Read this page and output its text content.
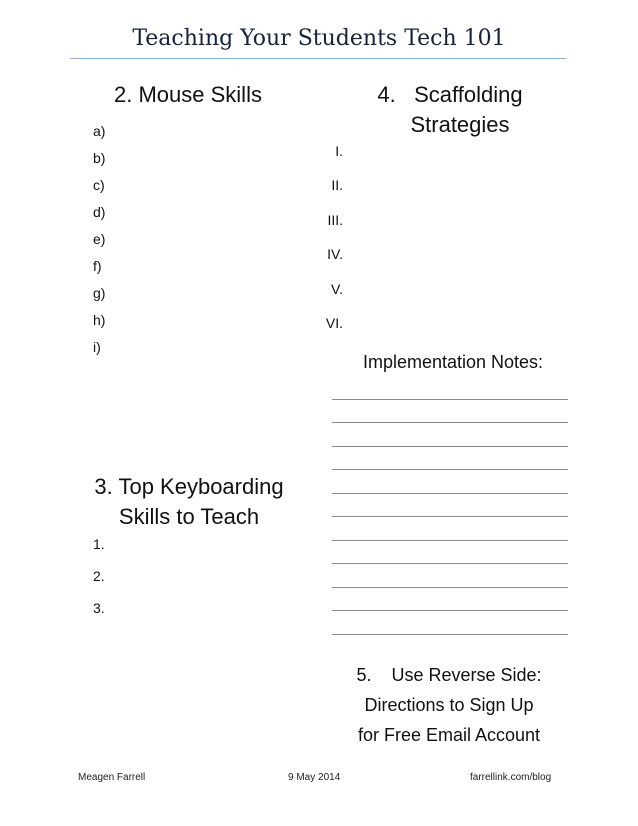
Teaching Your Students Tech 101
2. Mouse Skills
a)
b)
c)
d)
e)
f)
g)
h)
i)
4.   Scaffolding
Strategies
I.
II.
III.
IV.
V.
VI.
Implementation Notes:
3. Top Keyboarding
Skills to Teach
1.
2.
3.
5.    Use Reverse Side:
Directions to Sign Up
for Free Email Account
Meagen Farrell	9 May 2014	farrellink.com/blog
